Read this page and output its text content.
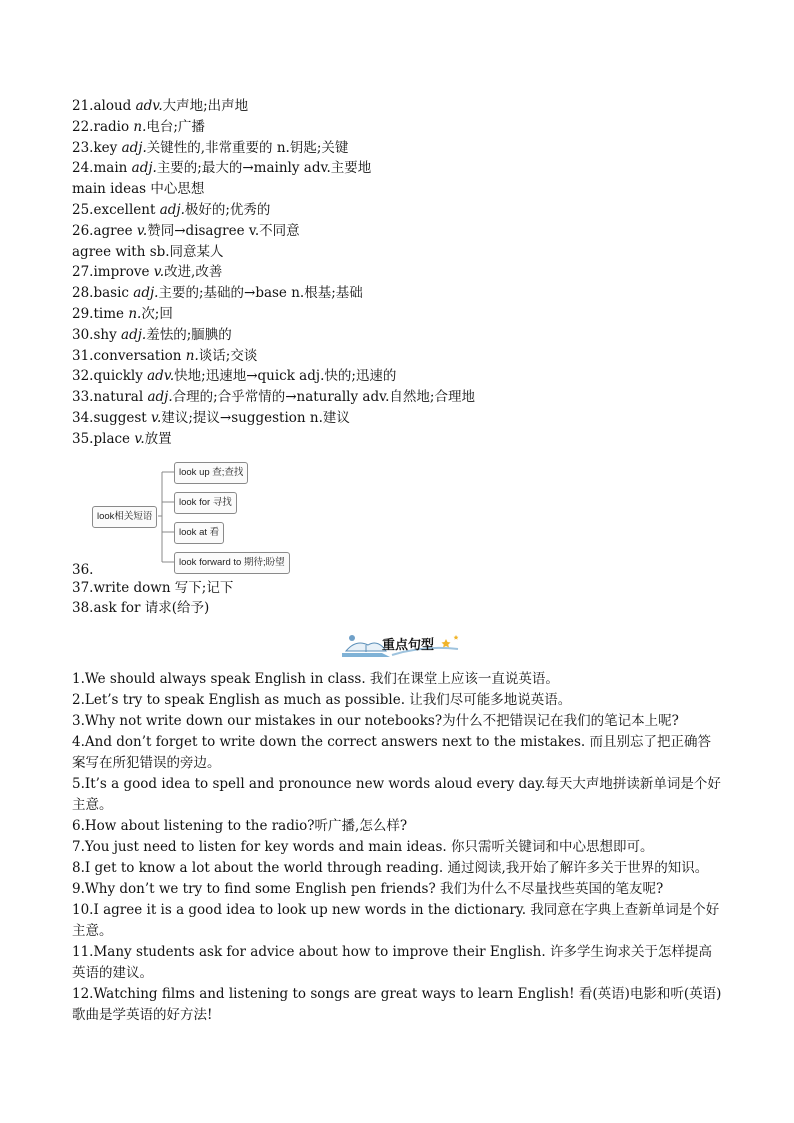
21.aloud adv.大声地;出声地
22.radio n.电台;广播
23.key adj.关键性的,非常重要的 n.钥匙;关键
24.main adj.主要的;最大的→mainly adv.主要地
main ideas 中心思想
25.excellent adj.极好的;优秀的
26.agree v.赞同→disagree v.不同意
agree with sb.同意某人
27.improve v.改进,改善
28.basic adj.主要的;基础的→base n.根基;基础
29.time n.次;回
30.shy adj.羞怯的;腼腆的
31.conversation n.谈话;交谈
32.quickly adv.快地;迅速地→quick adj.快的;迅速的
33.natural adj.合理的;合乎常情的→naturally adv.自然地;合理地
34.suggest v.建议;提议→suggestion n.建议
35.place v.放置
look相关短语
look up 查;查找
look for 寻找
look at 看
look forward to 期待;盼望
36.
37.write down 写下;记下
38.ask for 请求(给予)
重点句型
1.We should always speak English in class. 我们在课堂上应该一直说英语。
2.Let’s try to speak English as much as possible. 让我们尽可能多地说英语。
3.Why not write down our mistakes in our notebooks?为什么不把错误记在我们的笔记本上呢?
4.And don’t forget to write down the correct answers next to the mistakes. 而且别忘了把正确答案写在所犯错误的旁边。
5.It’s a good idea to spell and pronounce new words aloud every day.每天大声地拼读新单词是个好主意。
6.How about listening to the radio?听广播,怎么样?
7.You just need to listen for key words and main ideas. 你只需听关键词和中心思想即可。
8.I get to know a lot about the world through reading. 通过阅读,我开始了解许多关于世界的知识。
9.Why don’t we try to find some English pen friends? 我们为什么不尽量找些英国的笔友呢?
10.I agree it is a good idea to look up new words in the dictionary. 我同意在字典上查新单词是个好主意。
11.Many students ask for advice about how to improve their English. 许多学生询求关于怎样提高英语的建议。
12.Watching films and listening to songs are great ways to learn English! 看(英语)电影和听(英语)歌曲是学英语的好方法!
